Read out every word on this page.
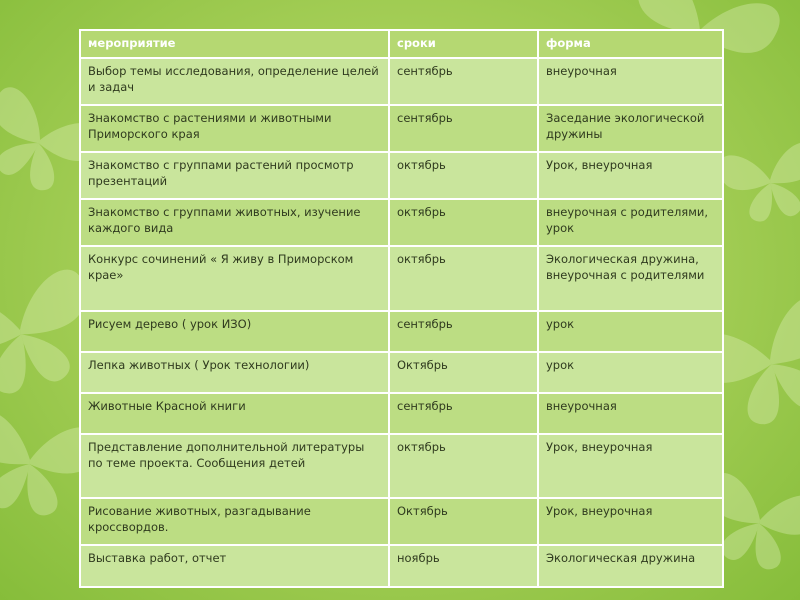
мероприятие	сроки	форма
Выбор темы исследования, определение целей и задач	сентябрь	внеурочная
Знакомство с растениями и животными Приморского края	сентябрь	Заседание экологической дружины
Знакомство с группами растений просмотр презентаций	октябрь	Урок, внеурочная
Знакомство с группами животных, изучение каждого вида	октябрь	внеурочная с родителями, урок
Конкурс сочинений « Я живу в Приморском крае»	октябрь	Экологическая дружина, внеурочная с родителями
Рисуем дерево ( урок ИЗО)	сентябрь	урок
Лепка животных ( Урок технологии)	Октябрь	урок
Животные Красной книги	сентябрь	внеурочная
Представление дополнительной литературы по теме проекта. Сообщения детей	октябрь	Урок, внеурочная
Рисование животных, разгадывание кроссвордов.	Октябрь	Урок, внеурочная
Выставка работ, отчет	ноябрь	Экологическая дружина
